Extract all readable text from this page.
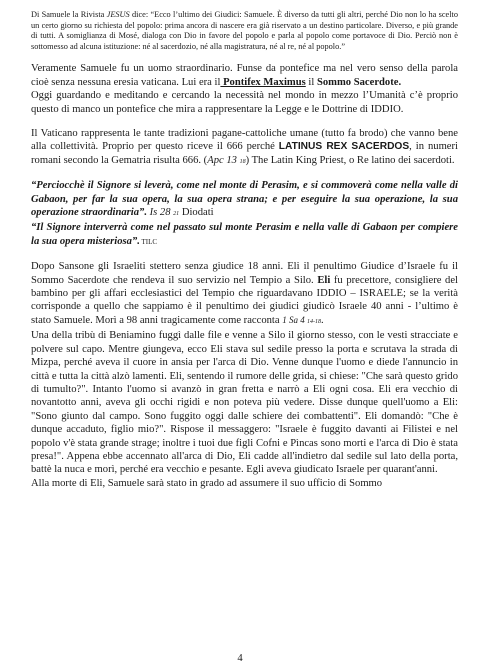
Di Samuele la Rivista JESUS dice: “Ecco l’ultimo dei Giudici: Samuele. È diverso da tutti gli altri, perché Dio non lo ha scelto un certo giorno su richiesta del popolo: prima ancora di nascere era già riservato a un destino particolare. Diverso, e più grande di tutti. A somiglianza di Mosé, dialoga con Dio in favore del popolo e parla al popolo come portavoce di Dio. Perciò non è sottomesso ad alcuna istituzione: né al sacerdozio, né alla magistratura, né al re, né al popolo.”

Veramente Samuele fu un uomo straordinario. Funse da pontefice ma nel vero senso della parola cioè senza nessuna eresia vaticana. Lui era il Pontifex Maximus il Sommo Sacerdote.

Oggi guardando e meditando e cercando la necessità nel mondo in mezzo l’Umanità c’è proprio questo di manco un pontefice che mira a rappresentare la Legge e le Dottrine di IDDIO.

Il Vaticano rappresenta le tante tradizioni pagane-cattoliche umane (tutto fa brodo) che vanno bene alla collettività. Proprio per questo riceve il 666 perché LATINUS REX SACERDOS, in numeri romani secondo la Gematria risulta 666. (Apc 13 18) The Latin King Priest, o Re latino dei sacerdoti.

“Perciocchè il Signore si leverà, come nel monte di Perasim, e si commoverà come nella valle di Gabaon, per far la sua opera, la sua opera strana; e per eseguire la sua operazione, la sua operazione straordinaria”. Is 28 21 Diodati

“Il Signore interverrà come nel passato sul monte Perasim e nella valle di Gabaon per compiere la sua opera misteriosa”. TILC

Dopo Sansone gli Israeliti stettero senza giudice 18 anni. Eli il penultimo Giudice d’Israele fu il Sommo Sacerdote che rendeva il suo servizio nel Tempio a Silo. Eli fu precettore, consigliere del bambino per gli affari ecclesiastici del Tempio che riguardavano IDDIO – ISRAELE; se la verità corrisponde a quello che sappiamo è il penultimo dei giudici giudicò Israele 40 anni - l’ultimo è stato Samuele. Morì a 98 anni tragicamente come racconta 1 Sa 4 14-18.

Una della tribù di Beniamino fuggì dalle file e venne a Silo il giorno stesso, con le vesti stracciate e polvere sul capo. Mentre giungeva, ecco Eli stava sul sedile presso la porta e scrutava la strada di Mizpa, perché aveva il cuore in ansia per l'arca di Dio. Venne dunque l'uomo e diede l'annuncio in città e tutta la città alzò lamenti. Eli, sentendo il rumore delle grida, si chiese: "Che sarà questo grido di tumulto?". Intanto l'uomo si avanzò in gran fretta e narrò a Eli ogni cosa. Eli era vecchio di novantotto anni, aveva gli occhi rigidi e non poteva più vedere. Disse dunque quell'uomo a Eli: "Sono giunto dal campo. Sono fuggito oggi dalle schiere dei combattenti". Eli domandò: "Che è dunque accaduto, figlio mio?". Rispose il messaggero: "Israele è fuggito davanti ai Filistei e nel popolo v'è stata grande strage; inoltre i tuoi due figli Cofni e Pìncas sono morti e l'arca di Dio è stata presa!". Appena ebbe accennato all'arca di Dio, Eli cadde all'indietro dal sedile sul lato della porta, battè la nuca e morì, perché era vecchio e pesante. Egli aveva giudicato Israele per quarant'anni.

Alla morte di Eli, Samuele sarà stato in grado ad assumere il suo ufficio di Sommo

4
